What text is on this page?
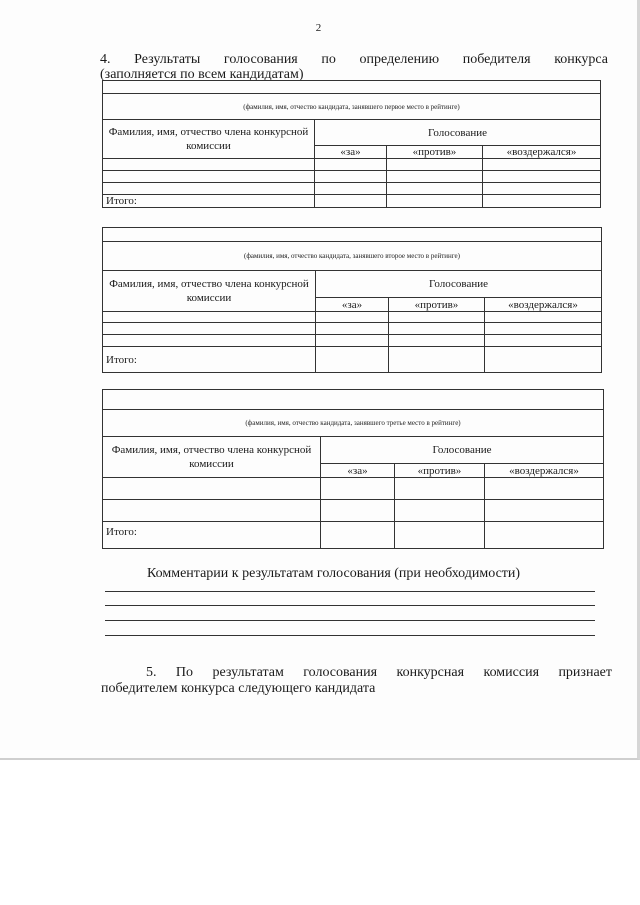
2
4. Результаты голосования по определению победителя конкурса
(заполняется по всем кандидатам)

(фамилия, имя, отчество кандидата, занявшего первое место в рейтинге)			
Фамилия, имя, отчество члена конкурсной комиссии	Голосование		
	«за»	«против»	«воздержался»

Итого:			

(фамилия, имя, отчество кандидата, занявшего второе место в рейтинге)			
Фамилия, имя, отчество члена конкурсной комиссии	Голосование		
	«за»	«против»	«воздержался»

Итого:			

(фамилия, имя, отчество кандидата, занявшего третье место в рейтинге)			
Фамилия, имя, отчество члена конкурсной комиссии	Голосование		
	«за»	«против»	«воздержался»

Итого:			
Комментарии к результатам голосования (при необходимости)
5. По результатам голосования конкурсная комиссия признает
победителем конкурса следующего кандидата
